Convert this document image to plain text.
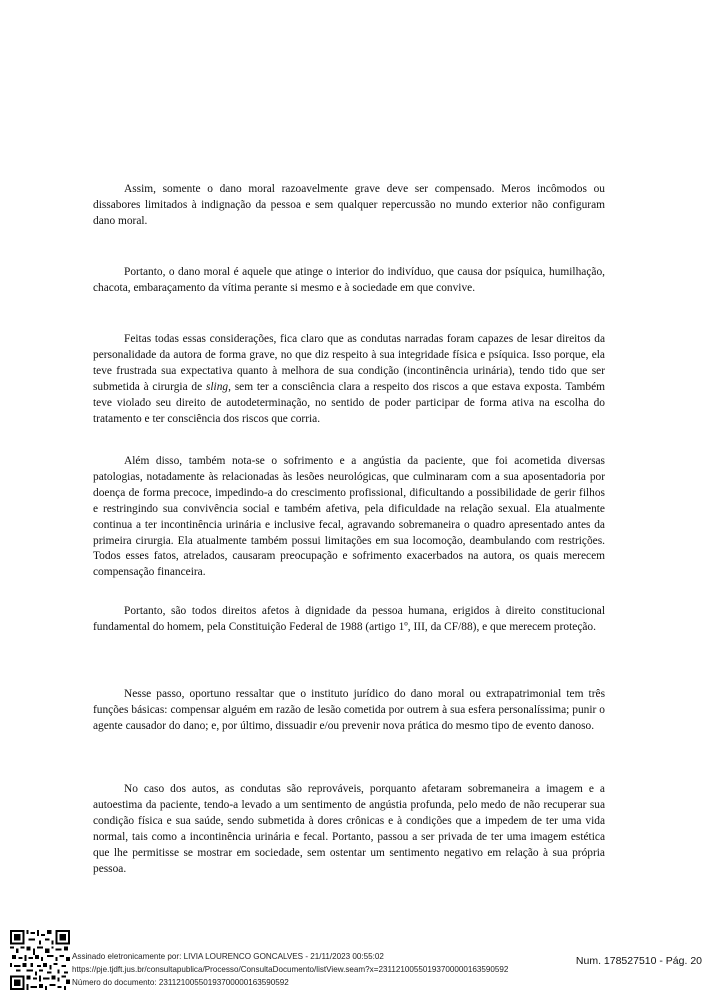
Assim, somente o dano moral razoavelmente grave deve ser compensado. Meros incômodos ou dissabores limitados à indignação da pessoa e sem qualquer repercussão no mundo exterior não configuram dano moral.

Portanto, o dano moral é aquele que atinge o interior do indivíduo, que causa dor psíquica, humilhação, chacota, embaraçamento da vítima perante si mesmo e à sociedade em que convive.

Feitas todas essas considerações, fica claro que as condutas narradas foram capazes de lesar direitos da personalidade da autora de forma grave, no que diz respeito à sua integridade física e psíquica. Isso porque, ela teve frustrada sua expectativa quanto à melhora de sua condição (incontinência urinária), tendo tido que ser submetida à cirurgia de sling, sem ter a consciência clara a respeito dos riscos a que estava exposta. Também teve violado seu direito de autodeterminação, no sentido de poder participar de forma ativa na escolha do tratamento e ter consciência dos riscos que corria.

Além disso, também nota-se o sofrimento e a angústia da paciente, que foi acometida diversas patologias, notadamente às relacionadas às lesões neurológicas, que culminaram com a sua aposentadoria por doença de forma precoce, impedindo-a do crescimento profissional, dificultando a possibilidade de gerir filhos e restringindo sua convivência social e também afetiva, pela dificuldade na relação sexual. Ela atualmente continua a ter incontinência urinária e inclusive fecal, agravando sobremaneira o quadro apresentado antes da primeira cirurgia. Ela atualmente também possui limitações em sua locomoção, deambulando com restrições. Todos esses fatos, atrelados, causaram preocupação e sofrimento exacerbados na autora, os quais merecem compensação financeira.

Portanto, são todos direitos afetos à dignidade da pessoa humana, erigidos à direito constitucional fundamental do homem, pela Constituição Federal de 1988 (artigo 1º, III, da CF/88), e que merecem proteção.

Nesse passo, oportuno ressaltar que o instituto jurídico do dano moral ou extrapatrimonial tem três funções básicas: compensar alguém em razão de lesão cometida por outrem à sua esfera personalíssima; punir o agente causador do dano; e, por último, dissuadir e/ou prevenir nova prática do mesmo tipo de evento danoso.

No caso dos autos, as condutas são reprováveis, porquanto afetaram sobremaneira a imagem e a autoestima da paciente, tendo-a levado a um sentimento de angústia profunda, pelo medo de não recuperar sua condição física e sua saúde, sendo submetida à dores crônicas e à condições que a impedem de ter uma vida normal, tais como a incontinência urinária e fecal. Portanto, passou a ser privada de ter uma imagem estética que lhe permitisse se mostrar em sociedade, sem ostentar um sentimento negativo em relação à sua própria pessoa.

Assinado eletronicamente por: LIVIA LOURENCO GONCALVES - 21/11/2023 00:55:02
https://pje.tjdft.jus.br/consultapublica/Processo/ConsultaDocumento/listView.seam?x=23112100550193700000163590592
Número do documento: 23112100550193700000163590592
Num. 178527510 - Pág. 20
